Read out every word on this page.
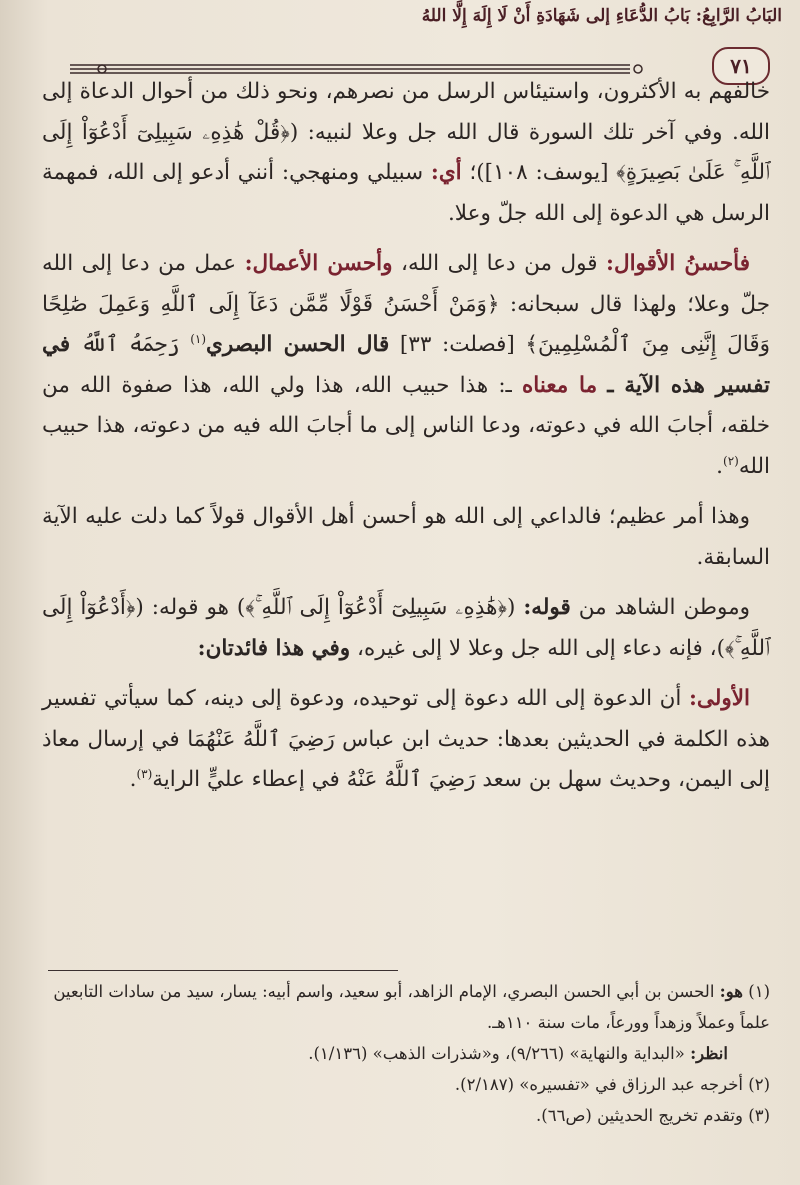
البَابُ الرَّابِعُ: بَابُ الدُّعَاءِ إلى شَهَادَةِ أَنْ لَا إِلَهَ إِلَّا اللهُ
٧١

خالفهم به الأكثرون، واستيئاس الرسل من نصرهم، ونحو ذلك من أحوال الدعاة إلى الله. وفي آخر تلك السورة قال الله جل وعلا لنبيه: (﴿قُلْ هَٰذِهِۦ سَبِيلِىٓ أَدْعُوٓاْ إِلَى ٱللَّهِ ۚ عَلَىٰ بَصِيرَةٍ﴾ [يوسف: ١٠٨])؛ أي: سبيلي ومنهجي: أنني أدعو إلى الله، فمهمة الرسل هي الدعوة إلى الله جلّ وعلا.

فأحسنُ الأقوال: قول من دعا إلى الله، وأحسن الأعمال: عمل من دعا إلى الله جلّ وعلا؛ ولهذا قال سبحانه: ﴿وَمَنْ أَحْسَنُ قَوْلًا مِّمَّن دَعَآ إِلَى ٱللَّهِ وَعَمِلَ صَٰلِحًا وَقَالَ إِنَّنِى مِنَ ٱلْمُسْلِمِينَ﴾ [فصلت: ٣٣] قال الحسن البصري$^{(١)}$ رَحِمَهُ ٱللَّهُ في تفسير هذه الآية ـ ما معناه ـ: هذا حبيب الله، هذا ولي الله، هذا صفوة الله من خلقه، أجابَ الله في دعوته، ودعا الناس إلى ما أجابَ الله فيه من دعوته، هذا حبيب الله$^{(٢)}$.

وهذا أمر عظيم؛ فالداعي إلى الله هو أحسن أهل الأقوال قولاً كما دلت عليه الآية السابقة.

وموطن الشاهد من قوله: (﴿هَٰذِهِۦ سَبِيلِىٓ أَدْعُوٓاْ إِلَى ٱللَّهِ ۚ﴾) هو قوله: (﴿أَدْعُوٓاْ إِلَى ٱللَّهِ ۚ﴾)، فإنه دعاء إلى الله جل وعلا لا إلى غيره، وفي هذا فائدتان:

الأولى: أن الدعوة إلى الله دعوة إلى توحيده، ودعوة إلى دينه، كما سيأتي تفسير هذه الكلمة في الحديثين بعدها: حديث ابن عباس رَضِيَ ٱللَّهُ عَنْهُمَا في إرسال معاذ إلى اليمن، وحديث سهل بن سعد رَضِيَ ٱللَّهُ عَنْهُ في إعطاء عليٍّ الراية$^{(٣)}$.

(١) هو: الحسن بن أبي الحسن البصري، الإمام الزاهد، أبو سعيد، واسم أبيه: يسار، سيد من سادات التابعين علماً وعملاً وزهداً وورعاً، مات سنة ١١٠هـ.

انظر: «البداية والنهاية» (٩/٢٦٦)، و«شذرات الذهب» (١/١٣٦).

(٢) أخرجه عبد الرزاق في «تفسيره» (٢/١٨٧).

(٣) وتقدم تخريج الحديثين (ص٦٦).
